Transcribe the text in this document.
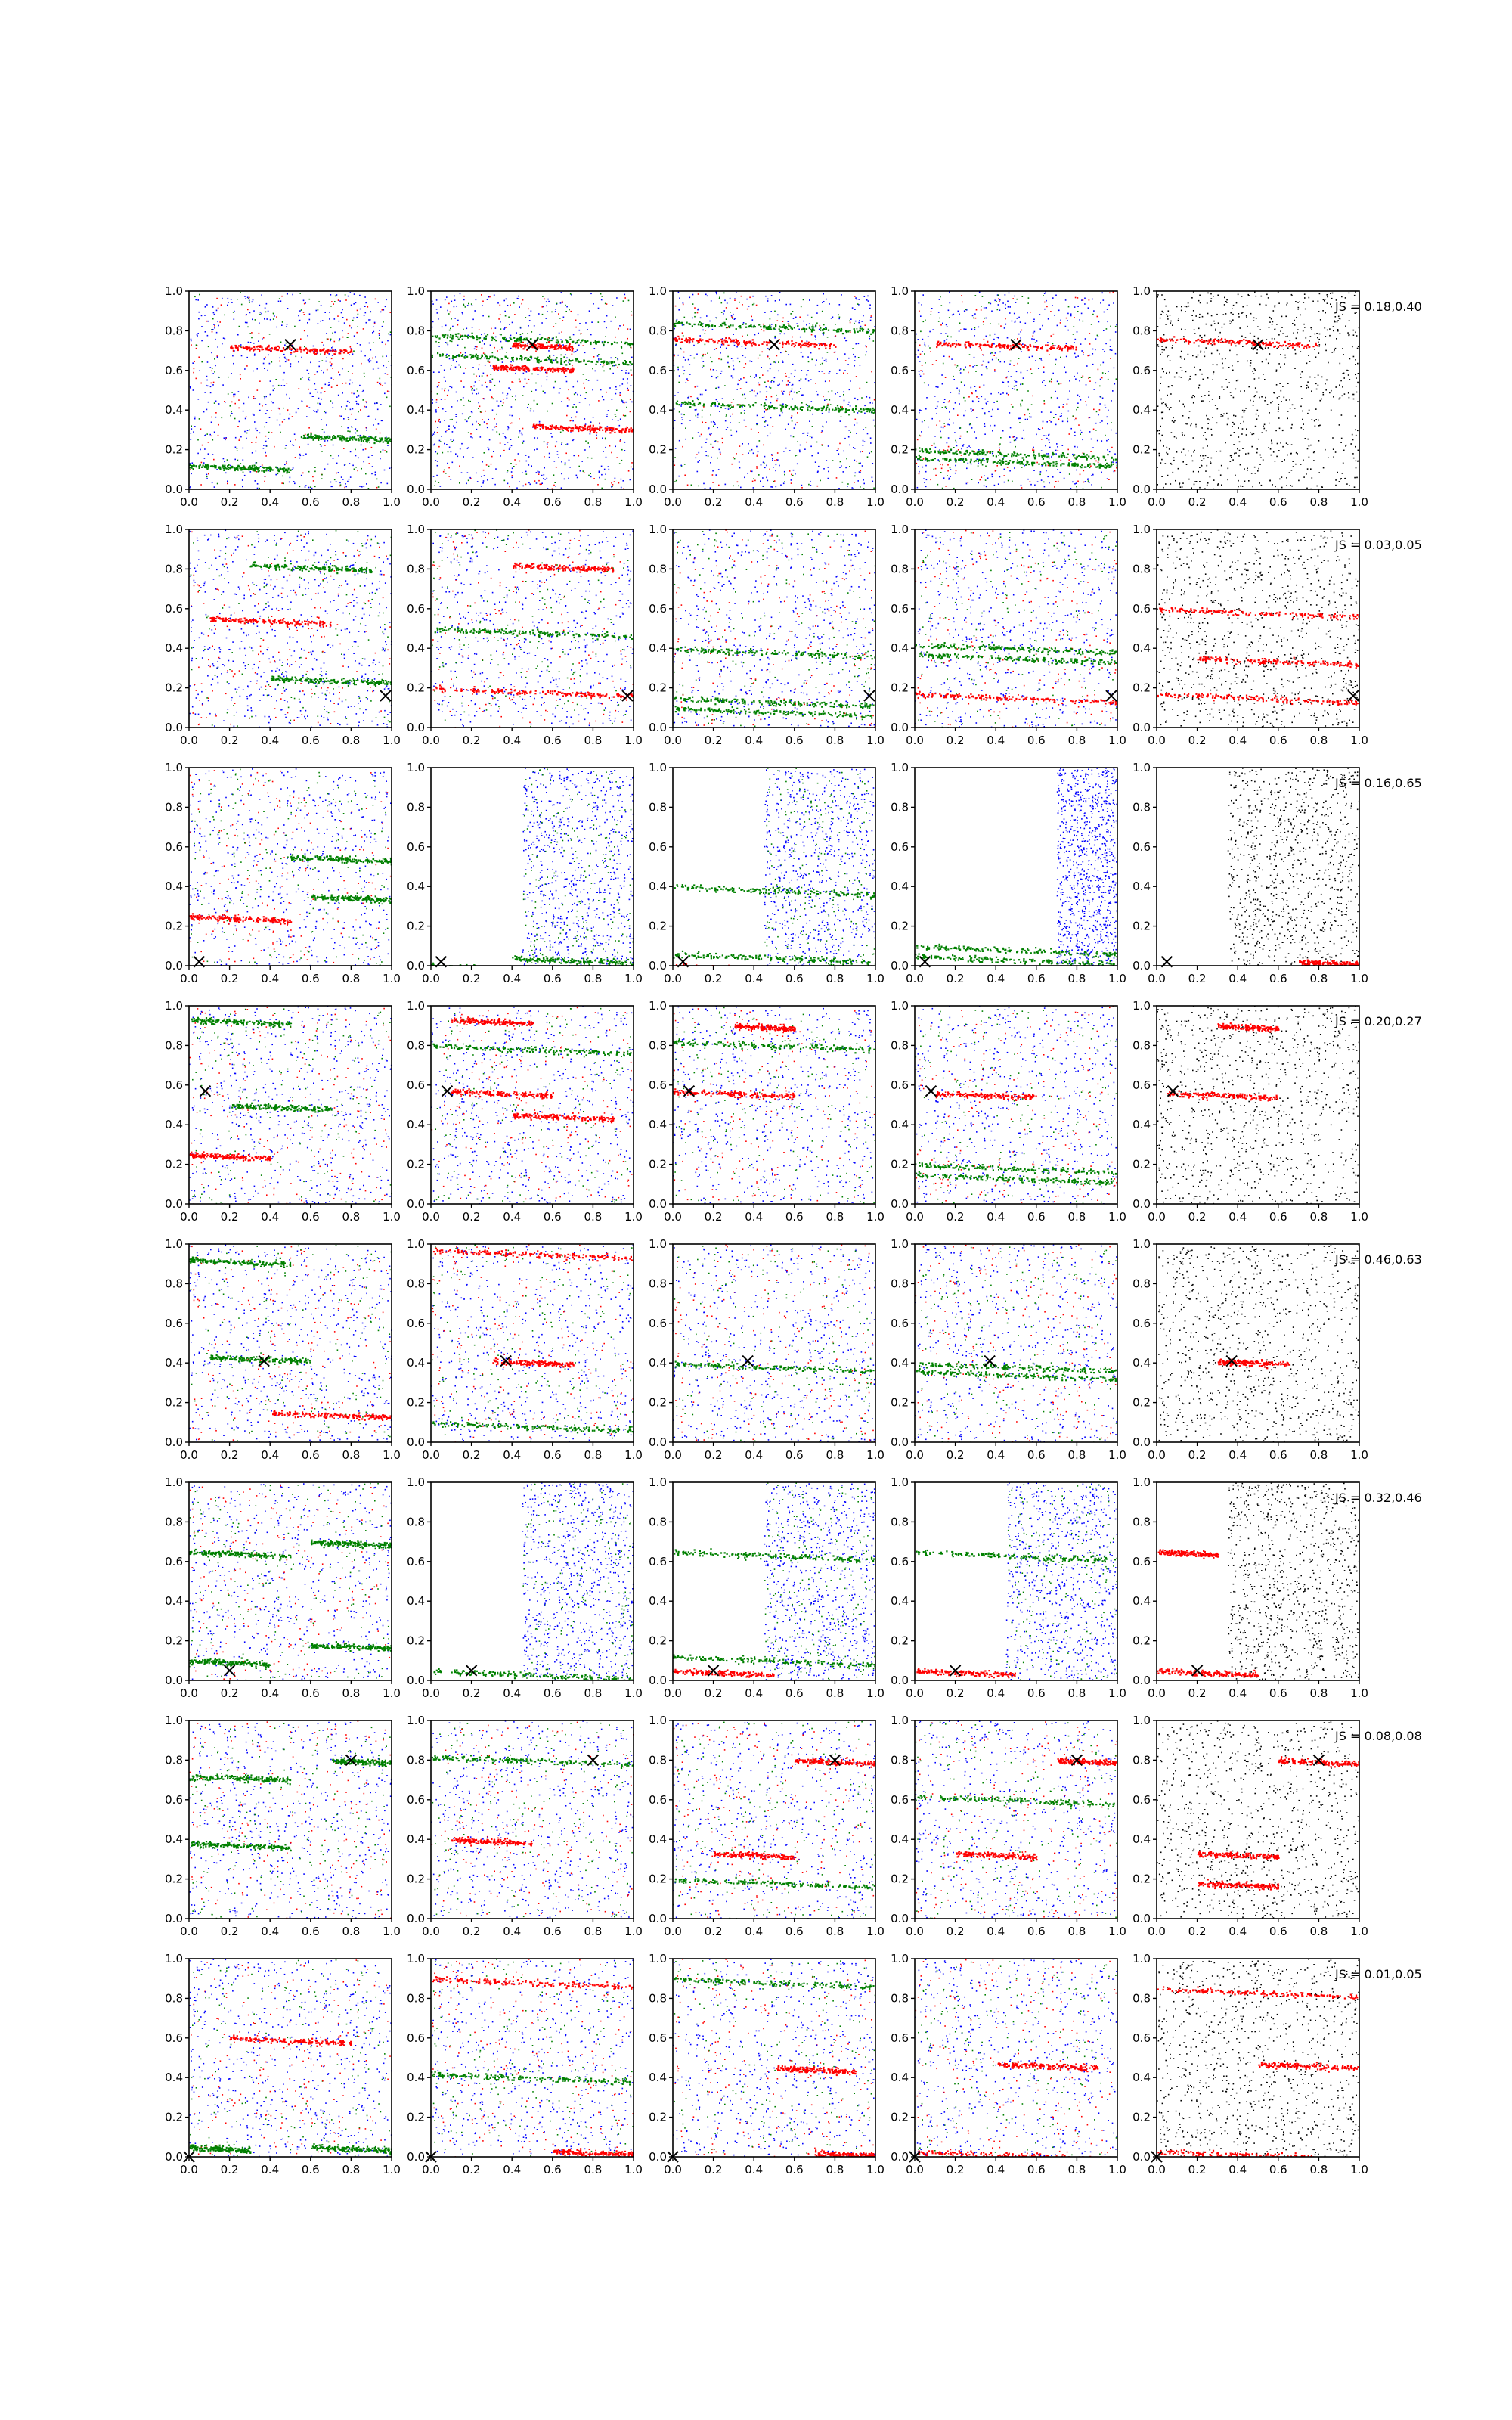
0.0 0.2 0.4 0.6 0.8 1.0
0.0
0.2
0.4
0.6
0.8
1.0
0.0 0.2 0.4 0.6 0.8 1.0
0.0
0.2
0.4
0.6
0.8
1.0
0.0 0.2 0.4 0.6 0.8 1.0
0.0
0.2
0.4
0.6
0.8
1.0
0.0 0.2 0.4 0.6 0.8 1.0
0.0
0.2
0.4
0.6
0.8
1.0
0.0 0.2 0.4 0.6 0.8 1.0
0.0
0.2
0.4
0.6
0.8
1.0
JS = 0.18,0.40
0.0 0.2 0.4 0.6 0.8 1.0
0.0
0.2
0.4
0.6
0.8
1.0
0.0 0.2 0.4 0.6 0.8 1.0
0.0
0.2
0.4
0.6
0.8
1.0
0.0 0.2 0.4 0.6 0.8 1.0
0.0
0.2
0.4
0.6
0.8
1.0
0.0 0.2 0.4 0.6 0.8 1.0
0.0
0.2
0.4
0.6
0.8
1.0
0.0 0.2 0.4 0.6 0.8 1.0
0.0
0.2
0.4
0.6
0.8
1.0
JS = 0.03,0.05
0.0 0.2 0.4 0.6 0.8 1.0
0.0
0.2
0.4
0.6
0.8
1.0
0.0 0.2 0.4 0.6 0.8 1.0
0.0
0.2
0.4
0.6
0.8
1.0
0.0 0.2 0.4 0.6 0.8 1.0
0.0
0.2
0.4
0.6
0.8
1.0
0.0 0.2 0.4 0.6 0.8 1.0
0.0
0.2
0.4
0.6
0.8
1.0
0.0 0.2 0.4 0.6 0.8 1.0
0.0
0.2
0.4
0.6
0.8
1.0
JS = 0.16,0.65
0.0 0.2 0.4 0.6 0.8 1.0
0.0
0.2
0.4
0.6
0.8
1.0
0.0 0.2 0.4 0.6 0.8 1.0
0.0
0.2
0.4
0.6
0.8
1.0
0.0 0.2 0.4 0.6 0.8 1.0
0.0
0.2
0.4
0.6
0.8
1.0
0.0 0.2 0.4 0.6 0.8 1.0
0.0
0.2
0.4
0.6
0.8
1.0
0.0 0.2 0.4 0.6 0.8 1.0
0.0
0.2
0.4
0.6
0.8
1.0
JS = 0.20,0.27
0.0 0.2 0.4 0.6 0.8 1.0
0.0
0.2
0.4
0.6
0.8
1.0
0.0 0.2 0.4 0.6 0.8 1.0
0.0
0.2
0.4
0.6
0.8
1.0
0.0 0.2 0.4 0.6 0.8 1.0
0.0
0.2
0.4
0.6
0.8
1.0
0.0 0.2 0.4 0.6 0.8 1.0
0.0
0.2
0.4
0.6
0.8
1.0
0.0 0.2 0.4 0.6 0.8 1.0
0.0
0.2
0.4
0.6
0.8
1.0
JS = 0.46,0.63
0.0 0.2 0.4 0.6 0.8 1.0
0.0
0.2
0.4
0.6
0.8
1.0
0.0 0.2 0.4 0.6 0.8 1.0
0.0
0.2
0.4
0.6
0.8
1.0
0.0 0.2 0.4 0.6 0.8 1.0
0.0
0.2
0.4
0.6
0.8
1.0
0.0 0.2 0.4 0.6 0.8 1.0
0.0
0.2
0.4
0.6
0.8
1.0
0.0 0.2 0.4 0.6 0.8 1.0
0.0
0.2
0.4
0.6
0.8
1.0
JS = 0.32,0.46
0.0 0.2 0.4 0.6 0.8 1.0
0.0
0.2
0.4
0.6
0.8
1.0
0.0 0.2 0.4 0.6 0.8 1.0
0.0
0.2
0.4
0.6
0.8
1.0
0.0 0.2 0.4 0.6 0.8 1.0
0.0
0.2
0.4
0.6
0.8
1.0
0.0 0.2 0.4 0.6 0.8 1.0
0.0
0.2
0.4
0.6
0.8
1.0
0.0 0.2 0.4 0.6 0.8 1.0
0.0
0.2
0.4
0.6
0.8
1.0
JS = 0.08,0.08
0.0 0.2 0.4 0.6 0.8 1.0
0.0
0.2
0.4
0.6
0.8
1.0
0.0 0.2 0.4 0.6 0.8 1.0
0.0
0.2
0.4
0.6
0.8
1.0
0.0 0.2 0.4 0.6 0.8 1.0
0.0
0.2
0.4
0.6
0.8
1.0
0.0 0.2 0.4 0.6 0.8 1.0
0.0
0.2
0.4
0.6
0.8
1.0
0.0 0.2 0.4 0.6 0.8 1.0
0.0
0.2
0.4
0.6
0.8
1.0
JS = 0.01,0.05
